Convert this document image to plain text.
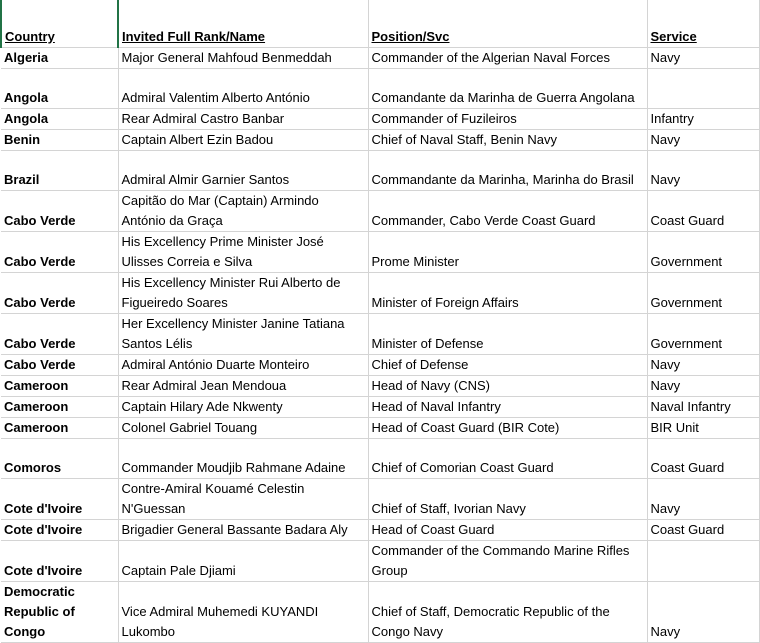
Country	Invited Full Rank/Name	Position/Svc	Service
Algeria	Major General Mahfoud Benmeddah	Commander of the Algerian Naval Forces	Navy
Angola	Admiral Valentim Alberto António	Comandante da Marinha de Guerra Angolana	
Angola	Rear Admiral Castro Banbar	Commander of Fuzileiros	Infantry
Benin	Captain Albert Ezin Badou	Chief of Naval Staff, Benin Navy	Navy
Brazil	Admiral Almir Garnier Santos	Commandante da Marinha, Marinha do Brasil	Navy
Cabo Verde	Capitão do Mar (Captain) Armindo António da Graça	Commander, Cabo Verde Coast Guard	Coast Guard
Cabo Verde	His Excellency Prime Minister José Ulisses Correia e Silva	Prome Minister	Government
Cabo Verde	His Excellency Minister Rui Alberto de Figueiredo Soares	Minister of Foreign Affairs	Government
Cabo Verde	Her Excellency Minister Janine Tatiana Santos Lélis	Minister of Defense	Government
Cabo Verde	Admiral António Duarte Monteiro	Chief of Defense	Navy
Cameroon	Rear Admiral Jean Mendoua	Head of Navy (CNS)	Navy
Cameroon	Captain Hilary Ade Nkwenty	Head of Naval Infantry	Naval Infantry
Cameroon	Colonel Gabriel Touang	Head of Coast Guard (BIR Cote)	BIR Unit
Comoros	Commander Moudjib Rahmane Adaine	Chief of Comorian Coast Guard	Coast Guard
Cote d'Ivoire	Contre-Amiral Kouamé Celestin N'Guessan	Chief of Staff, Ivorian Navy	Navy
Cote d'Ivoire	Brigadier General Bassante Badara Aly	Head of Coast Guard	Coast Guard
Cote d'Ivoire	Captain Pale Djiami	Commander of the Commando Marine Rifles Group	
Democratic Republic of Congo	Vice Admiral Muhemedi KUYANDI Lukombo	Chief of Staff, Democratic Republic of the Congo Navy	Navy
